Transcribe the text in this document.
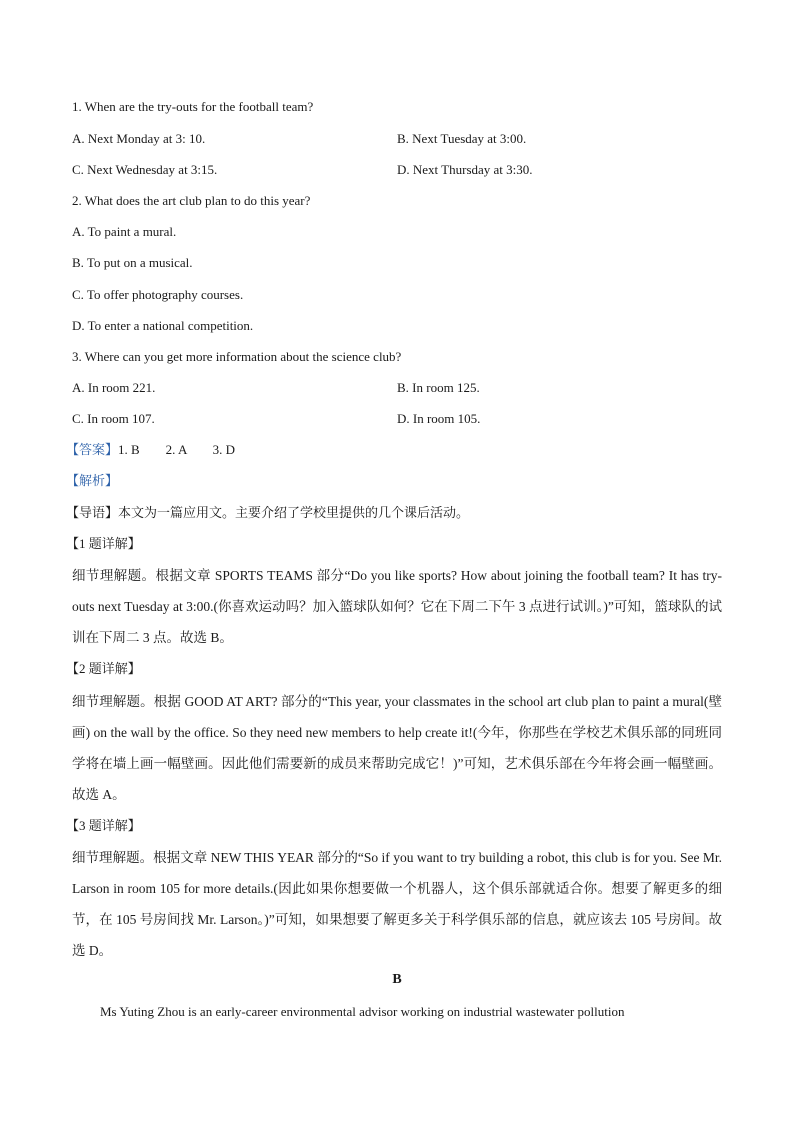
1. When are the try-outs for the football team?
A. Next Monday at 3: 10.	B. Next Tuesday at 3:00.
C. Next Wednesday at 3:15.	D. Next Thursday at 3:30.
2. What does the art club plan to do this year?
A. To paint a mural.
B. To put on a musical.
C. To offer photography courses.
D. To enter a national competition.
3. Where can you get more information about the science club?
A. In room 221.	B. In room 125.
C. In room 107.	D. In room 105.
【答案】1. B        2. A        3. D
【解析】
【导语】本文为一篇应用文。主要介绍了学校里提供的几个课后活动。
【1 题详解】
细节理解题。根据文章 SPORTS TEAMS 部分“Do you like sports? How about joining the football team? It has try-outs next Tuesday at 3:00.(你喜欢运动吗？加入篮球队如何？它在下周二下午 3 点进行试训。)”可知，篮球队的试训在下周二 3 点。故选 B。
【2 题详解】
细节理解题。根据 GOOD AT ART? 部分的“This year, your classmates in the school art club plan to paint a mural(壁画) on the wall by the office. So they need new members to help create it!(今年，你那些在学校艺术俱乐部的同班同学将在墙上画一幅壁画。因此他们需要新的成员来帮助完成它！)”可知，艺术俱乐部在今年将会画一幅壁画。故选 A。
【3 题详解】
细节理解题。根据文章 NEW THIS YEAR 部分的“So if you want to try building a robot, this club is for you. See Mr. Larson in room 105 for more details.(因此如果你想要做一个机器人，这个俱乐部就适合你。想要了解更多的细节，在 105 号房间找 Mr. Larson。)”可知，如果想要了解更多关于科学俱乐部的信息，就应该去 105 号房间。故选 D。
B
Ms Yuting Zhou is an early-career environmental advisor working on industrial wastewater pollution
